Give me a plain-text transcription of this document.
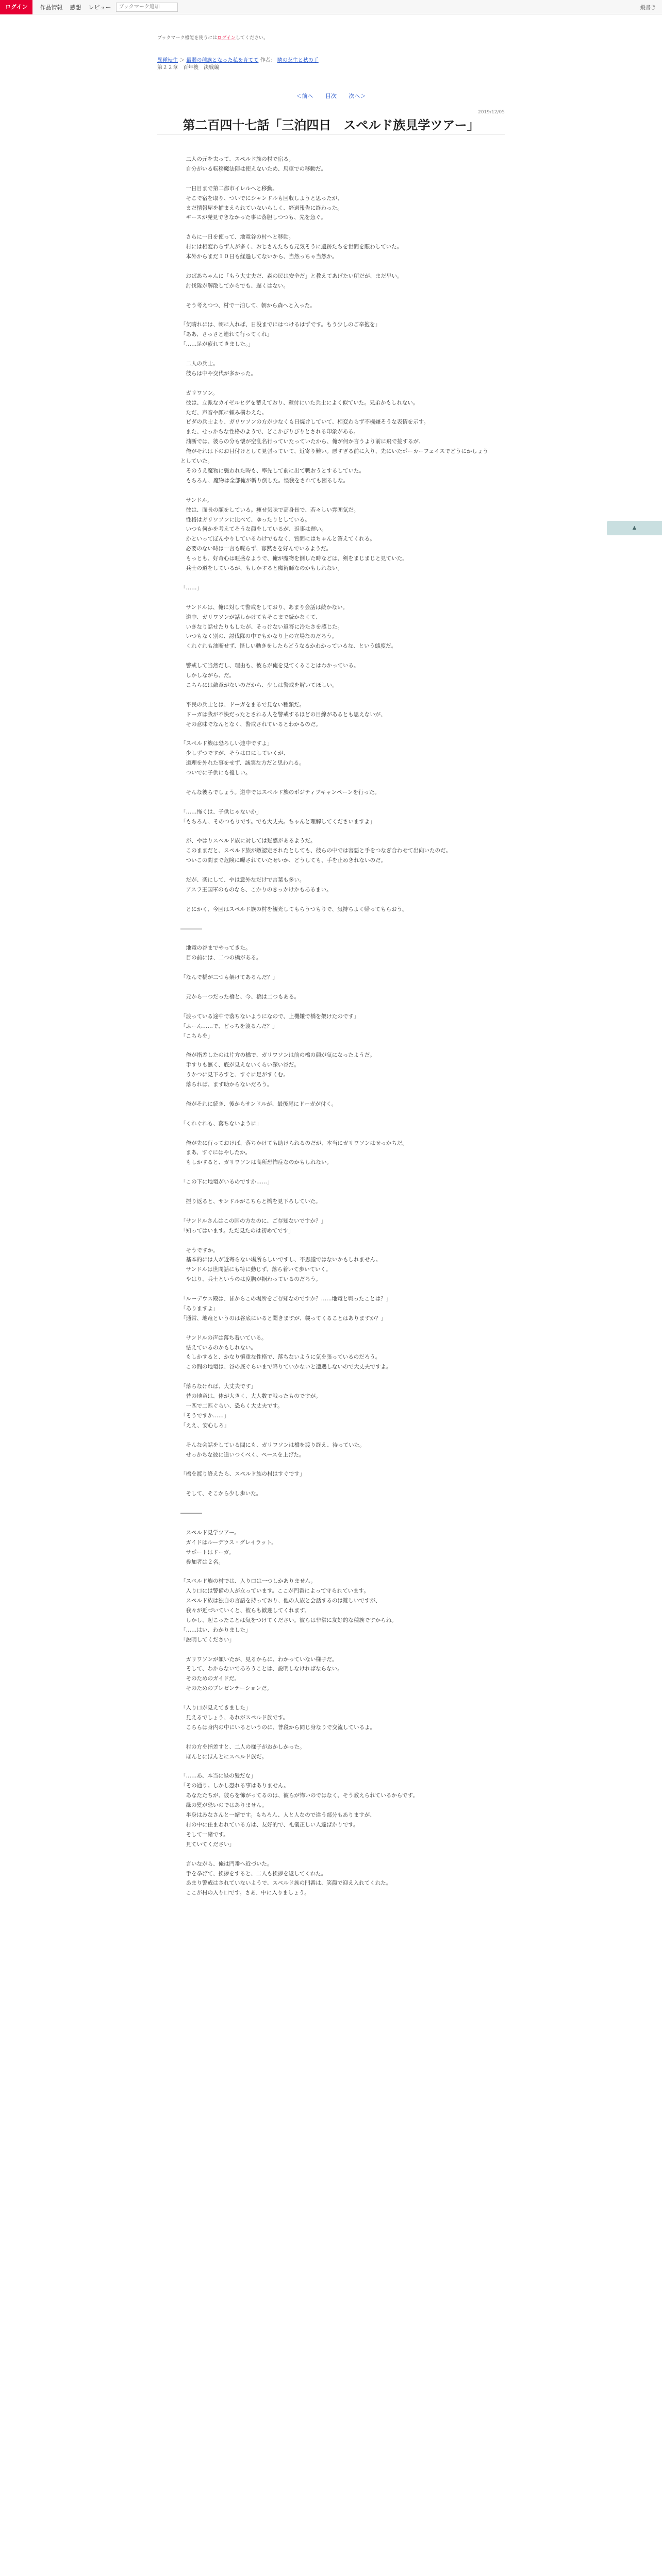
ログイン	作品情報 感想 レビュー
ブックマーク追加	縦書き
ブックマーク機能を使うにはログインしてください。
異種転生 ＞ 最弱の種族となった私を育てて 作者： 隣の芝生と秋の手
第２２章　百年後　決戦編
＜前へ 目次 次へ＞
2019/12/05
第二百四十七話「三泊四日　スペルド族見学ツアー」
　二人の元を去って、スペルド族の村で宿る。
　自分がいる転移魔法陣は使えないため、馬車での移動だ。

　一日目まで第二都市イレルへと移動。
　そこで宿を取り、ついでにシャンドルも回収しようと思ったが、
　まだ情報屋を捕まえられていないらしく、経過報告に終わった。
　ギースが発見できなかった事に落胆しつつも、先を急ぐ。

　さらに一日を使って、地竜谷の村へと移動。
　村には相変わらず人が多く、おじさんたちも元気そうに遺跡たちを世間を賑わしていた。
　本外からまだ１０日も経過してないから、当然っちゃ当然か。

　おばあちゃんに「もう大丈夫だ、森の民は安全だ」と教えてあげたい所だが、まだ早い。
　討伐隊が解散してからでも、遅くはない。

　そう考えつつ、村で一泊して、朝から森へと入った。

「気晴れには、朝に入れば、日没までにはつけるはずです。もう少しのご辛抱を」
「ああ、さっさと連れて行ってくれ」
「……足が疲れてきました。」

　二人の兵士。
　彼らは中や交代が多かった。

　ガリワソン。
　彼は、立派なカイゼルヒゲを蓄えており、壁付にいた兵士によく似ていた。兄弟かもしれない。
　ただ、声音や顔に頼み構わえた。
　ビダの兵士より、ガリワソンの方が少なくも日焼けしていて、相変わらず不機嫌そうな表情を示す。
　また、せっかちな性格のようで、どこかぴりぴりとされる印象がある。
　油断では、彼らの分も懐が空乱名行っていたっていたから、俺が何か言うより前に飛で接するが、
　俺がそれは下のお目付けとして見張っていて、近寄り難い。悪すぎる前に入り、先にいたポーカーフェイスでどうにかしょうとしていた。
　そのうえ魔物に襲われた時も、率先して前に出て戦おうとするしていた。
　もちろん、魔物は全部俺が斬り倒した。怪我をされても困るしな。

　サンドル。
　彼は、面長の顔をしている。痩せ気味で高身長で、若々しい雰囲気だ。
　性格はガリワソンに比べて、ゆったりとしている。
　いつも何かを考えてそうな顔をしているが、返事は遅い。
　かといってぼんやりしているわけでもなく、質問にはちゃんと答えてくれる。
　必要のない時は一言も喋らず、寡黙さを好んでいるようだ。
　もっとも、好奇心は旺盛なようで、俺が魔物を倒した時などは、剣をまじまじと見ていた。
　兵士の道をしているが、もしかすると魔術師なのかもしれない。

「……」

　サンドルは、俺に対して警戒をしており、あまり会話は続かない。
　道中、ガリワソンが話しかけてもそこまで続かなくて、
　いきなり話せたりもしたが、そっけない返答に冷たさを感じた。
　いつもなく別の、討伐隊の中でもかなり上の立場なのだろう。
　くれぐれも油断せず、怪しい動きをしたらどうなるかわかっているな、という態度だ。

　警戒して当然だし、理由も、彼らが俺を見てくることはわかっている。
　しかしながら、だ。
　こちらには敵意がないのだから、少しは警戒を解いてほしい。

　平民の兵士とは、ドーガをまるで見ない種類だ。
　ドーガは我が不快だったとされる人を警戒するほどの目線があるとも思えないが、
　その意味でなんとなく、警戒されているとわかるのだ。

「スペルド族は恐ろしい連中ですよ」
　少しずつですが、そうは口にしていくが、
　道理を外れた事をせず、誠実な方だと思われる。
　ついでに子供にも優しい。

　そんな彼らでしょう。道中ではスペルド族のポジティブキャンペーンを行った。

「……怖くは、子供じゃないか」
「もちろん、そのつもりです。でも大丈夫。ちゃんと理解してくださいますよ」

　が、やはりスペルド族に対しては疑惑があるようだ。
　このままだと、スペルド族が敵認定されたとしても、彼らの中では害悪と手をつなぎ合わせて出向いたのだ。
　ついこの間まで危険に曝されていたせいか、どうしても、手を止めきれないのだ。

　だが、楽にして、やは意外なだけで言葉も多い。
　アスラ王国軍のものなら、こかりのきっかけかもあるまい。

　とにかく、今回はスペルド族の村を観光してもらうつもりで、気持ちよく帰ってもらおう。

――――

　地竜の谷までやってきた。
　目の前には、二つの橋がある。

「なんで橋が二つも架けてあるんだ？」

　元から一つだった橋と、今、橋は二つもある。

「渡っている途中で落ちないようになので、上機嫌で橋を架けたのです」
「ふーん……で、どっちを渡るんだ？」
「こちらを」

　俺が指差したのは片方の橋で、ガリワソンは前の橋の顔が気になったようだ。
　手すりも無く、底が見えないくらい深い谷だ。
　うかつに見下ろすと、すぐに足がすくむ。
　落ちれば、まず助からないだろう。

　俺がそれに続き、後からサンドルが、最後尾にドーガが付く。

「くれぐれも、落ちないように」

　俺が先に行っておけば、落ちかけても助けられるのだが、本当にガリワソンはせっかちだ。
　まあ、すぐにはやしたか。
　もしかすると、ガリワソンは高所恐怖症なのかもしれない。

「この下に地竜がいるのですか……」

　振り返ると、サンドルがこちらと橋を見下ろしていた。

「サンドルさんはこの国の方なのに、ご存知ないですか？」
「知ってはいます。ただ見たのは初めてです」

　そうですか。
　基本的には人が近寄らない場所らしいですし、不思議ではないかもしれません。
　サンドルは世間話にも特に動じず、落ち着いて歩いていく。
　やはり、兵士というのは度胸が据わっているのだろう。

「ルーデウス殿は、昔からこの場所をご存知なのですか？……地竜と戦ったことは？」
「ありますよ」
「通常、地竜というのは谷底にいると聞きますが、襲ってくることはありますか？」

　サンドルの声は落ち着いている。
　怯えているのかもしれない。
　もしかすると、かなり慎重な性格で、落ちないように気を張っているのだろう。
　この間の地竜は、谷の底ぐらいまで降りていかないと遭遇しないので大丈夫ですよ。

「落ちなければ、大丈夫です」
　昔の地竜は、体が大きく、大人数で戦ったものですが。
　一匹で二匹ぐらい、恐らく大丈夫です。
「そうですか……」
「ええ、安心しろ」

　そんな会話をしている間にも、ガリワソンは橋を渡り終え、待っていた。
　せっかちな彼に追いつくべく、ペースを上げた。

「橋を渡り終えたら、スペルド族の村はすぐです」

　そして、そこから少し歩いた。

――――

　スペルド見学ツアー。
　ガイドはルーデウス・グレイラット。
　サポートはドーガ。
　参加者は２名。

「スペルド族の村では、入り口は一つしかありません。
　入り口には警備の人が立っています。ここが門番によって守られています。
　スペルド族は独自の言語を持っており、他の人族と会話するのは難しいですが、
　我々が近づいていくと、彼らも歓迎してくれます。
　しかし、起こったことは気をつけてください。彼らは非常に友好的な種族ですからね。
「……はい、わかりました」
「説明してください」

　ガリワソンが頷いたが、見るからに、わかっていない様子だ。
　そして、わからないであろうことは、説明しなければならない。
　そのためのガイドだ。
　そのためのプレゼンテーションだ。

「入り口が見えてきました」
　見えるでしょう、あれがスペルド族です。
　こちらは身内の中にいるというのに、普段から同じ身なりで交流しているよ。

　村の方を指差すと、二人の様子がおかしかった。
　ほんとにほんとにスペルド族だ。

「……あ、本当に緑の髪だな」
「その通り。しかし恐れる事はありません。
　あなたたちが、彼らを怖がってるのは、彼らが怖いのではなく、そう教えられているからです。
　緑の髪が恐いのではありません。
　半身はみなさんと一緒です。もちろん、人と人なので違う部分もありますが、
　村の中に住まわれている方は、友好的で、礼儀正しい人達ばかりです。
　そして一緒です。
　見ていてください」

　言いながら、俺は門番へ近づいた。
　手を挙げて、挨拶をすると、二人も挨拶を返してくれた。
　あまり警戒はされていないようで、スペルド族の門番は、笑顔で迎え入れてくれた。
　ここが村の入り口です。さあ、中に入りましょう。
▲
